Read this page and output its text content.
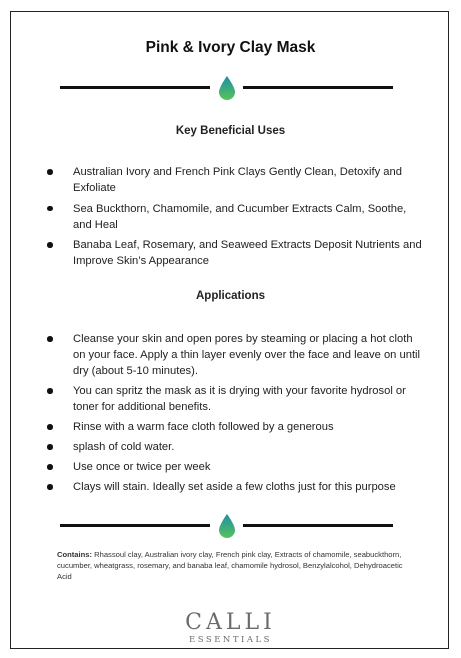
Pink & Ivory Clay Mask
Key Beneficial Uses
Australian Ivory and French Pink Clays Gently Clean, Detoxify and Exfoliate
Sea Buckthorn, Chamomile, and Cucumber Extracts Calm, Soothe, and Heal
Banaba Leaf, Rosemary, and Seaweed Extracts Deposit Nutrients and Improve Skin’s Appearance
Applications
Cleanse your skin and open pores by steaming or placing a hot cloth on your face. Apply a thin layer evenly over the face and leave on until dry (about 5-10 minutes).
You can spritz the mask as it is drying with your favorite hydrosol or toner for additional benefits.
Rinse with a warm face cloth followed by a generous
splash of cold water.
Use once or twice per week
Clays will stain. Ideally set aside a few cloths just for this purpose
Contains: Rhassoul clay, Australian ivory clay, French pink clay, Extracts of chamomile, seabuckthorn, cucumber, wheatgrass, rosemary, and banaba leaf, chamomile hydrosol, Benzylalcohol, Dehydroacetic Acid
CALLI
ESSENTIALS
